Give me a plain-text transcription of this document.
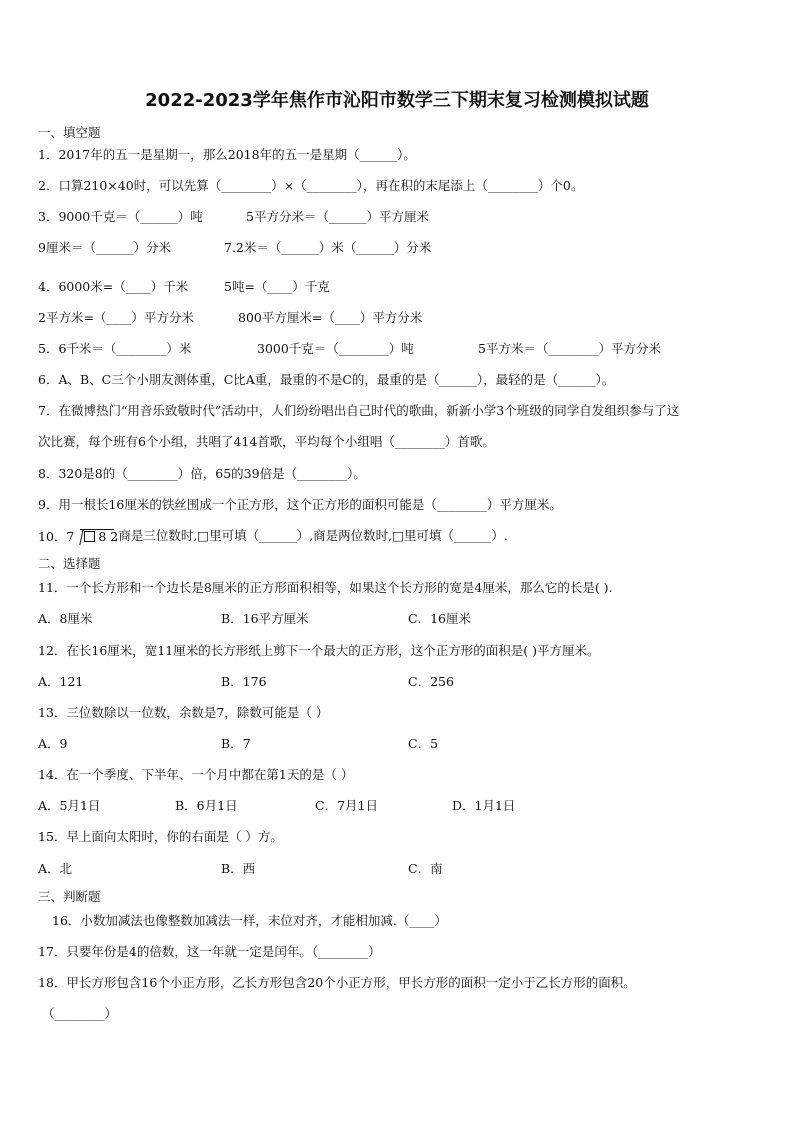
2022-2023学年焦作市沁阳市数学三下期末复习检测模拟试题
一、填空题
1．2017年的五一是星期一，那么2018年的五一是星期（______）。
2．口算210×40时，可以先算（________）×（________），再在积的末尾添上（________）个0。
3．9000千克＝（______）吨	5平方分米＝（______）平方厘米
9厘米＝（______）分米	7.2米＝（______）米（______）分米
4．6000米=（____）千米	5吨=（____）千克
2平方米=（____）平方分米	800平方厘米=（____）平方分米
5．6千米＝（________）米	3000千克＝（________）吨	5平方米＝（________）平方分米
6．A、B、C三个小朋友测体重，C比A重，最重的不是C的，最重的是（______），最轻的是（______）。
7．在微博热门“用音乐致敬时代”活动中，人们纷纷唱出自己时代的歌曲，新新小学3个班级的同学自发组织参与了这
次比赛，每个班有6个小组，共唱了414首歌，平均每个小组唱（________）首歌。
8．320是8的（________）倍，65的39倍是（________）。
9．用一根长16厘米的铁丝围成一个正方形，这个正方形的面积可能是（________）平方厘米。
10．7 8 2
,商是三位数时,□里可填（______）,商是两位数时,□里可填（______）.
二、选择题
11．一个长方形和一个边长是8厘米的正方形面积相等，如果这个长方形的宽是4厘米，那么它的长是( ).
A．8厘米	B．16平方厘米	C．16厘米
12．在长16厘米，宽11厘米的长方形纸上剪下一个最大的正方形，这个正方形的面积是( )平方厘米。
A．121	B．176	C．256
13．三位数除以一位数，余数是7，除数可能是（ ）
A．9	B．7	C．5
14．在一个季度、下半年、一个月中都在第1天的是（ ）
A．5月1日	B．6月1日	C．7月1日	D．1月1日
15．早上面向太阳时，你的右面是（ ）方。
A．北	B．西	C．南
三、判断题
16．小数加减法也像整数加减法一样，末位对齐，才能相加减.（____）
17．只要年份是4的倍数，这一年就一定是闰年。（________）
18．甲长方形包含16个小正方形，乙长方形包含20个小正方形，甲长方形的面积一定小于乙长方形的面积。
（________）
